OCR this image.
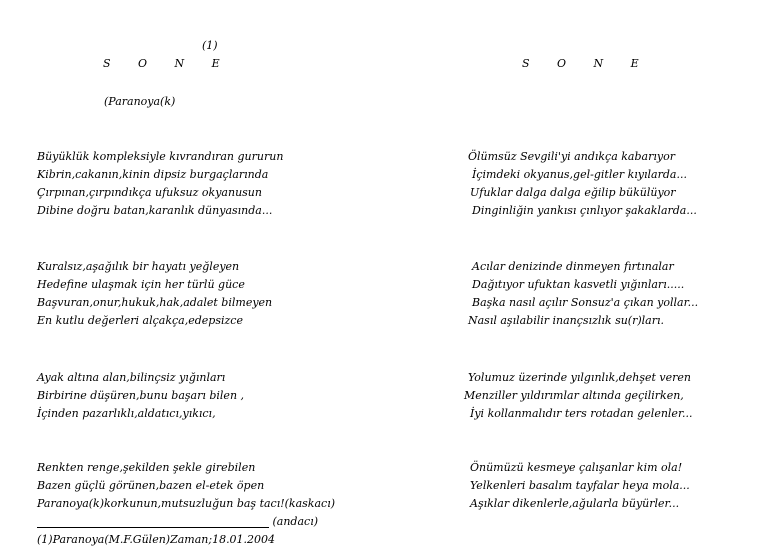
(1)
S O N E
(Paranoya(k)
Büyüklük kompleksiyle kıvrandıran gururun
Kibrin,cakanın,kinin dipsiz burgaçlarında
Çırpınan,çırpındıkça ufuksuz okyanusun
Dibine doğru batan,karanlık dünyasında...
Kuralsız,aşağılık bir hayatı yeğleyen
Hedefine ulaşmak için her türlü güce
Başvuran,onur,hukuk,hak,adalet bilmeyen
En kutlu değerleri alçakça,edepsizce
Ayak altına alan,bilinçsiz yığınları
Birbirine düşüren,bunu başarı bilen ,
İçinden pazarlıklı,aldatıcı,yıkıcı,
Renkten renge,şekilden şekle girebilen
Bazen güçlü görünen,bazen el-etek öpen
Paranoya(k)korkunun,mutsuzluğun baş tacı!(kaskacı)
(andacı)
(1)Paranoya(M.F.Gülen)Zaman;18.01.2004
S O N E
Ölümsüz Sevgili'yi andıkça kabarıyor
İçimdeki okyanus,gel-gitler kıyılarda...
Ufuklar dalga dalga eğilip bükülüyor
Dinginliğin yankısı çınlıyor şakaklarda...
Acılar denizinde dinmeyen fırtınalar
Dağıtıyor ufuktan kasvetli yığınları.....
Başka nasıl açılır Sonsuz'a çıkan yollar...
Nasıl aşılabilir inançsızlık su(r)ları.
Yolumuz üzerinde yılgınlık,dehşet veren
Menziller yıldırımlar altında geçilirken,
İyi kollanmalıdır ters rotadan gelenler...
Önümüzü kesmeye çalışanlar kim ola!
Yelkenleri basalım tayfalar heya mola...
Aşıklar dikenlerle,ağularla büyürler...
